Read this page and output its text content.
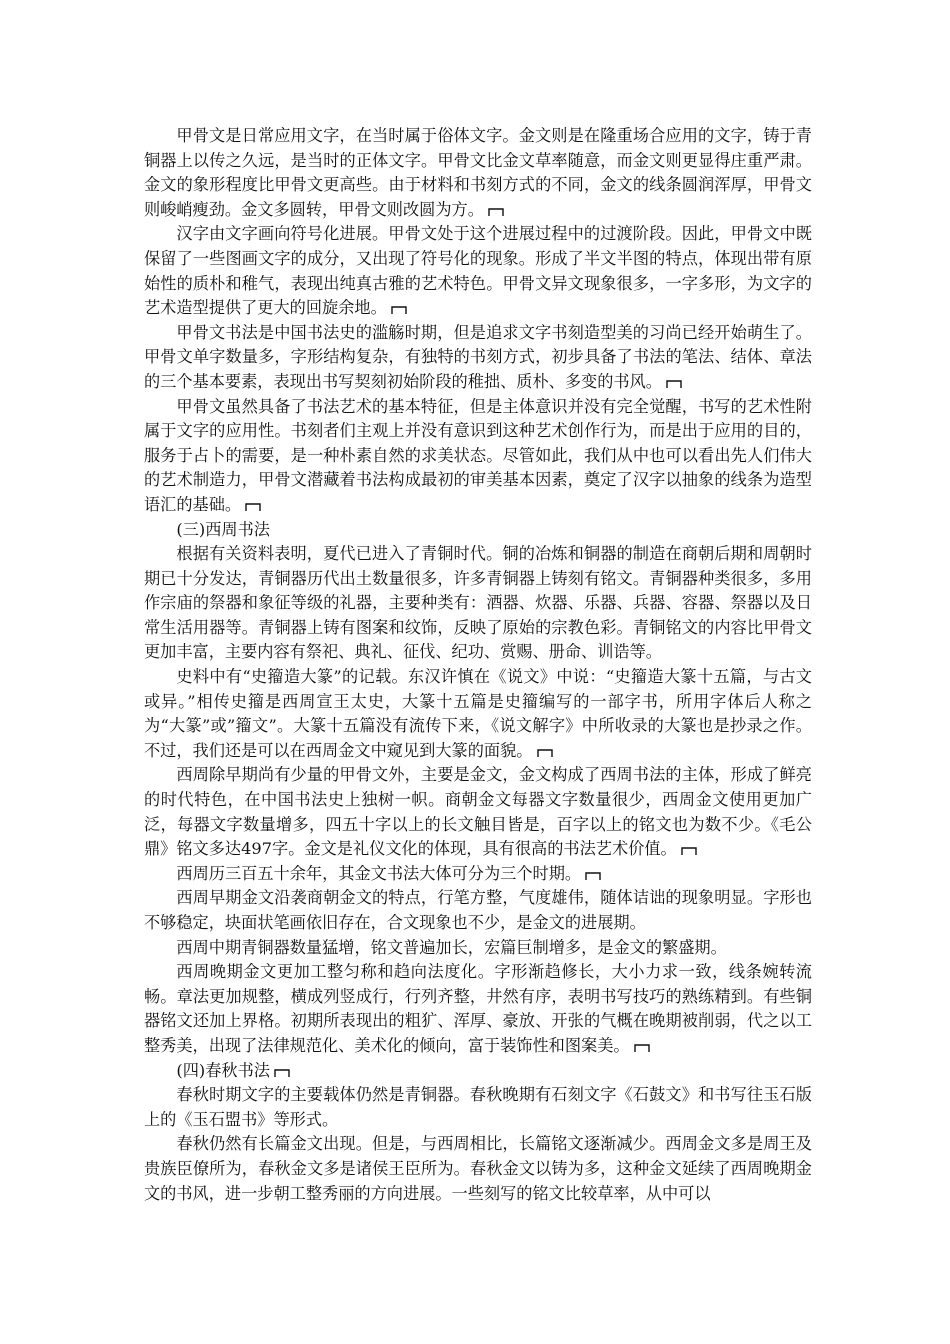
甲骨文是日常应用文字，在当时属于俗体文字。金文则是在隆重场合应用的文字，铸于青铜器上以传之久远，是当时的正体文字。甲骨文比金文草率随意，而金文则更显得庄重严肃。金文的象形程度比甲骨文更高些。由于材料和书刻方式的不同，金文的线条圆润浑厚，甲骨文则峻峭瘦劲。金文多圆转，甲骨文则改圆为方。

汉字由文字画向符号化进展。甲骨文处于这个进展过程中的过渡阶段。因此，甲骨文中既保留了一些图画文字的成分，又出现了符号化的现象。形成了半文半图的特点，体现出带有原始性的质朴和稚气，表现出纯真古雅的艺术特色。甲骨文异文现象很多，一字多形，为文字的艺术造型提供了更大的回旋余地。

甲骨文书法是中国书法史的滥觞时期，但是追求文字书刻造型美的习尚已经开始萌生了。甲骨文单字数量多，字形结构复杂，有独特的书刻方式，初步具备了书法的笔法、结体、章法的三个基本要素，表现出书写契刻初始阶段的稚拙、质朴、多变的书风。

甲骨文虽然具备了书法艺术的基本特征，但是主体意识并没有完全觉醒，书写的艺术性附属于文字的应用性。书刻者们主观上并没有意识到这种艺术创作行为，而是出于应用的目的，服务于占卜的需要，是一种朴素自然的求美状态。尽管如此，我们从中也可以看出先人们伟大的艺术制造力，甲骨文潜藏着书法构成最初的审美基本因素，奠定了汉字以抽象的线条为造型语汇的基础。

(三)西周书法

根据有关资料表明，夏代已进入了青铜时代。铜的冶炼和铜器的制造在商朝后期和周朝时期已十分发达，青铜器历代出土数量很多，许多青铜器上铸刻有铭文。青铜器种类很多，多用作宗庙的祭器和象征等级的礼器，主要种类有：酒器、炊器、乐器、兵器、容器、祭器以及日常生活用器等。青铜器上铸有图案和纹饰，反映了原始的宗教色彩。青铜铭文的内容比甲骨文更加丰富，主要内容有祭祀、典礼、征伐、纪功、赏赐、册命、训诰等。

史料中有“史籀造大篆”的记载。东汉许慎在《说文》中说：“史籀造大篆十五篇，与古文或异。”相传史籀是西周宣王太史，大篆十五篇是史籀编写的一部字书，所用字体后人称之为“大篆”或”籀文”。大篆十五篇没有流传下来，《说文解字》中所收录的大篆也是抄录之作。不过，我们还是可以在西周金文中窥见到大篆的面貌。

西周除早期尚有少量的甲骨文外，主要是金文，金文构成了西周书法的主体，形成了鲜亮的时代特色，在中国书法史上独树一帜。商朝金文每器文字数量很少，西周金文使用更加广泛，每器文字数量增多，四五十字以上的长文触目皆是，百字以上的铭文也为数不少。《毛公鼎》铭文多达497字。金文是礼仪文化的体现，具有很高的书法艺术价值。

西周历三百五十余年，其金文书法大体可分为三个时期。

西周早期金文沿袭商朝金文的特点，行笔方整，气度雄伟，随体诘诎的现象明显。字形也不够稳定，块面状笔画依旧存在，合文现象也不少，是金文的进展期。

西周中期青铜器数量猛增，铭文普遍加长，宏篇巨制增多，是金文的繁盛期。

西周晚期金文更加工整匀称和趋向法度化。字形渐趋修长，大小力求一致，线条婉转流畅。章法更加规整，横成列竖成行，行列齐整，井然有序，表明书写技巧的熟练精到。有些铜器铭文还加上界格。初期所表现出的粗犷、浑厚、豪放、开张的气概在晚期被削弱，代之以工整秀美，出现了法律规范化、美术化的倾向，富于装饰性和图案美。

(四)春秋书法

春秋时期文字的主要载体仍然是青铜器。春秋晚期有石刻文字《石鼓文》和书写往玉石版上的《玉石盟书》等形式。

春秋仍然有长篇金文出现。但是，与西周相比，长篇铭文逐渐减少。西周金文多是周王及贵族臣僚所为，春秋金文多是诸侯王臣所为。春秋金文以铸为多，这种金文延续了西周晚期金文的书风，进一步朝工整秀丽的方向进展。一些刻写的铭文比较草率，从中可以
